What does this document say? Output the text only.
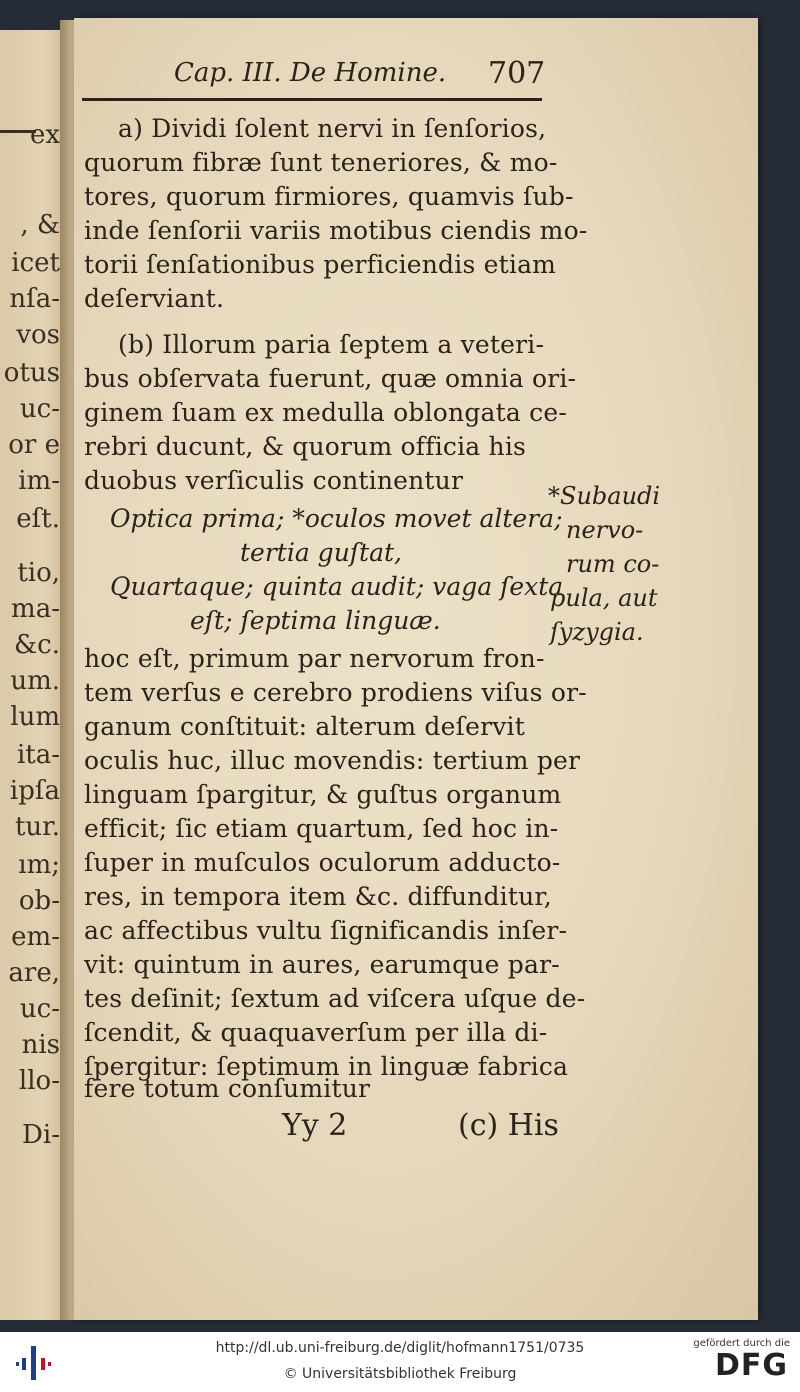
ex
, &
icet
nſa-
vos
otus
uc-
or e
im-
eſt.
tio,
ma-
&c.
um.
lum
ita-
ipſa
tur.
ım;
ob-
em-
are,
uc-
nis
llo-
Di-
Cap. III. De Homine. 707
a) Dividi ſolent nervi in ſenſorios,
quorum fibræ ſunt teneriores, & mo-
tores, quorum firmiores, quamvis ſub-
inde ſenſorii variis motibus ciendis mo-
torii ſenſationibus perficiendis etiam
deſerviant.
(b) Illorum paria ſeptem a veteri-
bus obſervata fuerunt, quæ omnia ori-
ginem ſuam ex medulla oblongata ce-
rebri ducunt, & quorum officia his
duobus verſiculis continentur
Optica prima; *oculos movet altera;
tertia guſtat,
Quartaque; quinta audit; vaga ſexta
eſt; ſeptima linguæ.
*Subaudi
nervo-
rum co-
pula, aut
ſyzygia.
hoc eſt, primum par nervorum fron-
tem verſus e cerebro prodiens viſus or-
ganum conſtituit: alterum deſervit
oculis huc, illuc movendis: tertium per
linguam ſpargitur, & guſtus organum
efficit; ſic etiam quartum, ſed hoc in-
ſuper in muſculos oculorum adducto-
res, in tempora item &c. diffunditur,
ac affectibus vultu ſignificandis inſer-
vit: quintum in aures, earumque par-
tes deſinit; ſextum ad viſcera uſque de-
ſcendit, & quaquaverſum per illa di-
ſpergitur: ſeptimum in linguæ fabrica
fere totum conſumitur
Yy 2	(c) His
http://dl.ub.uni-freiburg.de/diglit/hofmann1751/0735
© Universitätsbibliothek Freiburg
gefördert durch die
DFG
